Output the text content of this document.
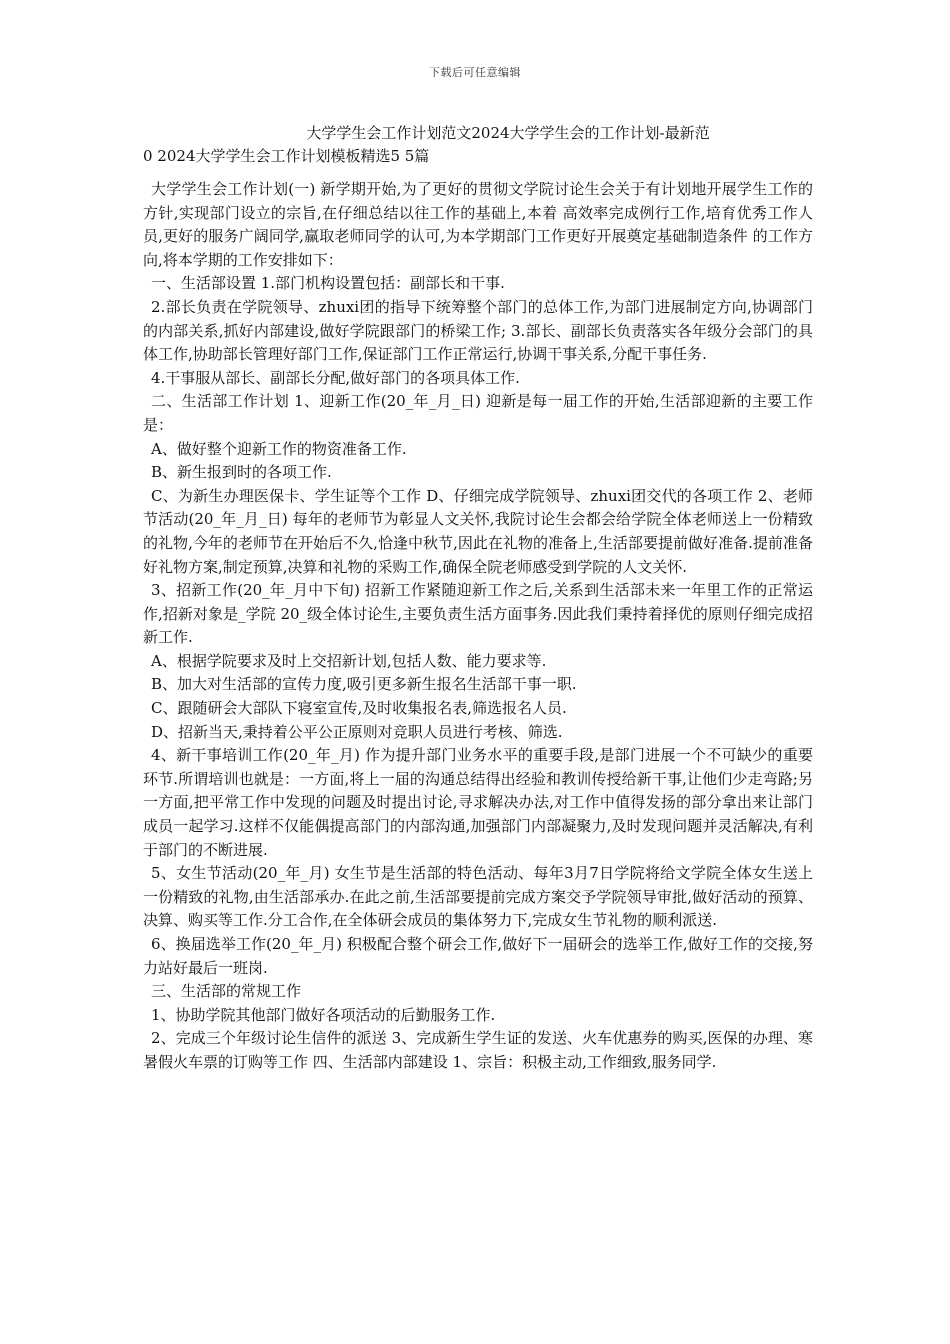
下载后可任意编辑
大学学生会工作计划范文2024大学学生会的工作计划-最新范
0 2024大学学生会工作计划模板精选5 5篇

大学学生会工作计划(一) 新学期开始,为了更好的贯彻文学院讨论生会关于有计划地开展学生工作的方针,实现部门设立的宗旨,在仔细总结以往工作的基础上,本着 高效率完成例行工作,培育优秀工作人员,更好的服务广阔同学,赢取老师同学的认可,为本学期部门工作更好开展奠定基础制造条件 的工作方向,将本学期的工作安排如下：

一、生活部设置 1.部门机构设置包括：副部长和干事.

2.部长负责在学院领导、zhuxi团的指导下统筹整个部门的总体工作,为部门进展制定方向,协调部门的内部关系,抓好内部建设,做好学院跟部门的桥梁工作; 3.部长、副部长负责落实各年级分会部门的具体工作,协助部长管理好部门工作,保证部门工作正常运行,协调干事关系,分配干事任务.

4.干事服从部长、副部长分配,做好部门的各项具体工作.

二、生活部工作计划 1、迎新工作(20_年_月_日) 迎新是每一届工作的开始,生活部迎新的主要工作是：

A、做好整个迎新工作的物资准备工作.

B、新生报到时的各项工作.

C、为新生办理医保卡、学生证等个工作 D、仔细完成学院领导、zhuxi团交代的各项工作 2、老师节活动(20_年_月_日) 每年的老师节为彰显人文关怀,我院讨论生会都会给学院全体老师送上一份精致的礼物,今年的老师节在开始后不久,恰逢中秋节,因此在礼物的准备上,生活部要提前做好准备.提前准备好礼物方案,制定预算,决算和礼物的采购工作,确保全院老师感受到学院的人文关怀.

3、招新工作(20_年_月中下旬) 招新工作紧随迎新工作之后,关系到生活部未来一年里工作的正常运作,招新对象是_学院 20_级全体讨论生,主要负责生活方面事务.因此我们秉持着择优的原则仔细完成招新工作.

A、根据学院要求及时上交招新计划,包括人数、能力要求等.

B、加大对生活部的宣传力度,吸引更多新生报名生活部干事一职.

C、跟随研会大部队下寝室宣传,及时收集报名表,筛选报名人员.

D、招新当天,秉持着公平公正原则对竞职人员进行考核、筛选.

4、新干事培训工作(20_年_月) 作为提升部门业务水平的重要手段,是部门进展一个不可缺少的重要环节.所谓培训也就是：一方面,将上一届的沟通总结得出经验和教训传授给新干事,让他们少走弯路;另一方面,把平常工作中发现的问题及时提出讨论,寻求解决办法,对工作中值得发扬的部分拿出来让部门成员一起学习.这样不仅能偶提高部门的内部沟通,加强部门内部凝聚力,及时发现问题并灵活解决,有利于部门的不断进展.

5、女生节活动(20_年_月) 女生节是生活部的特色活动、每年3月7日学院将给文学院全体女生送上一份精致的礼物,由生活部承办.在此之前,生活部要提前完成方案交予学院领导审批,做好活动的预算、决算、购买等工作.分工合作,在全体研会成员的集体努力下,完成女生节礼物的顺利派送.

6、换届选举工作(20_年_月) 积极配合整个研会工作,做好下一届研会的选举工作,做好工作的交接,努力站好最后一班岗.

三、生活部的常规工作

1、协助学院其他部门做好各项活动的后勤服务工作.

2、完成三个年级讨论生信件的派送 3、完成新生学生证的发送、火车优惠券的购买,医保的办理、寒暑假火车票的订购等工作 四、生活部内部建设 1、宗旨：积极主动,工作细致,服务同学.
